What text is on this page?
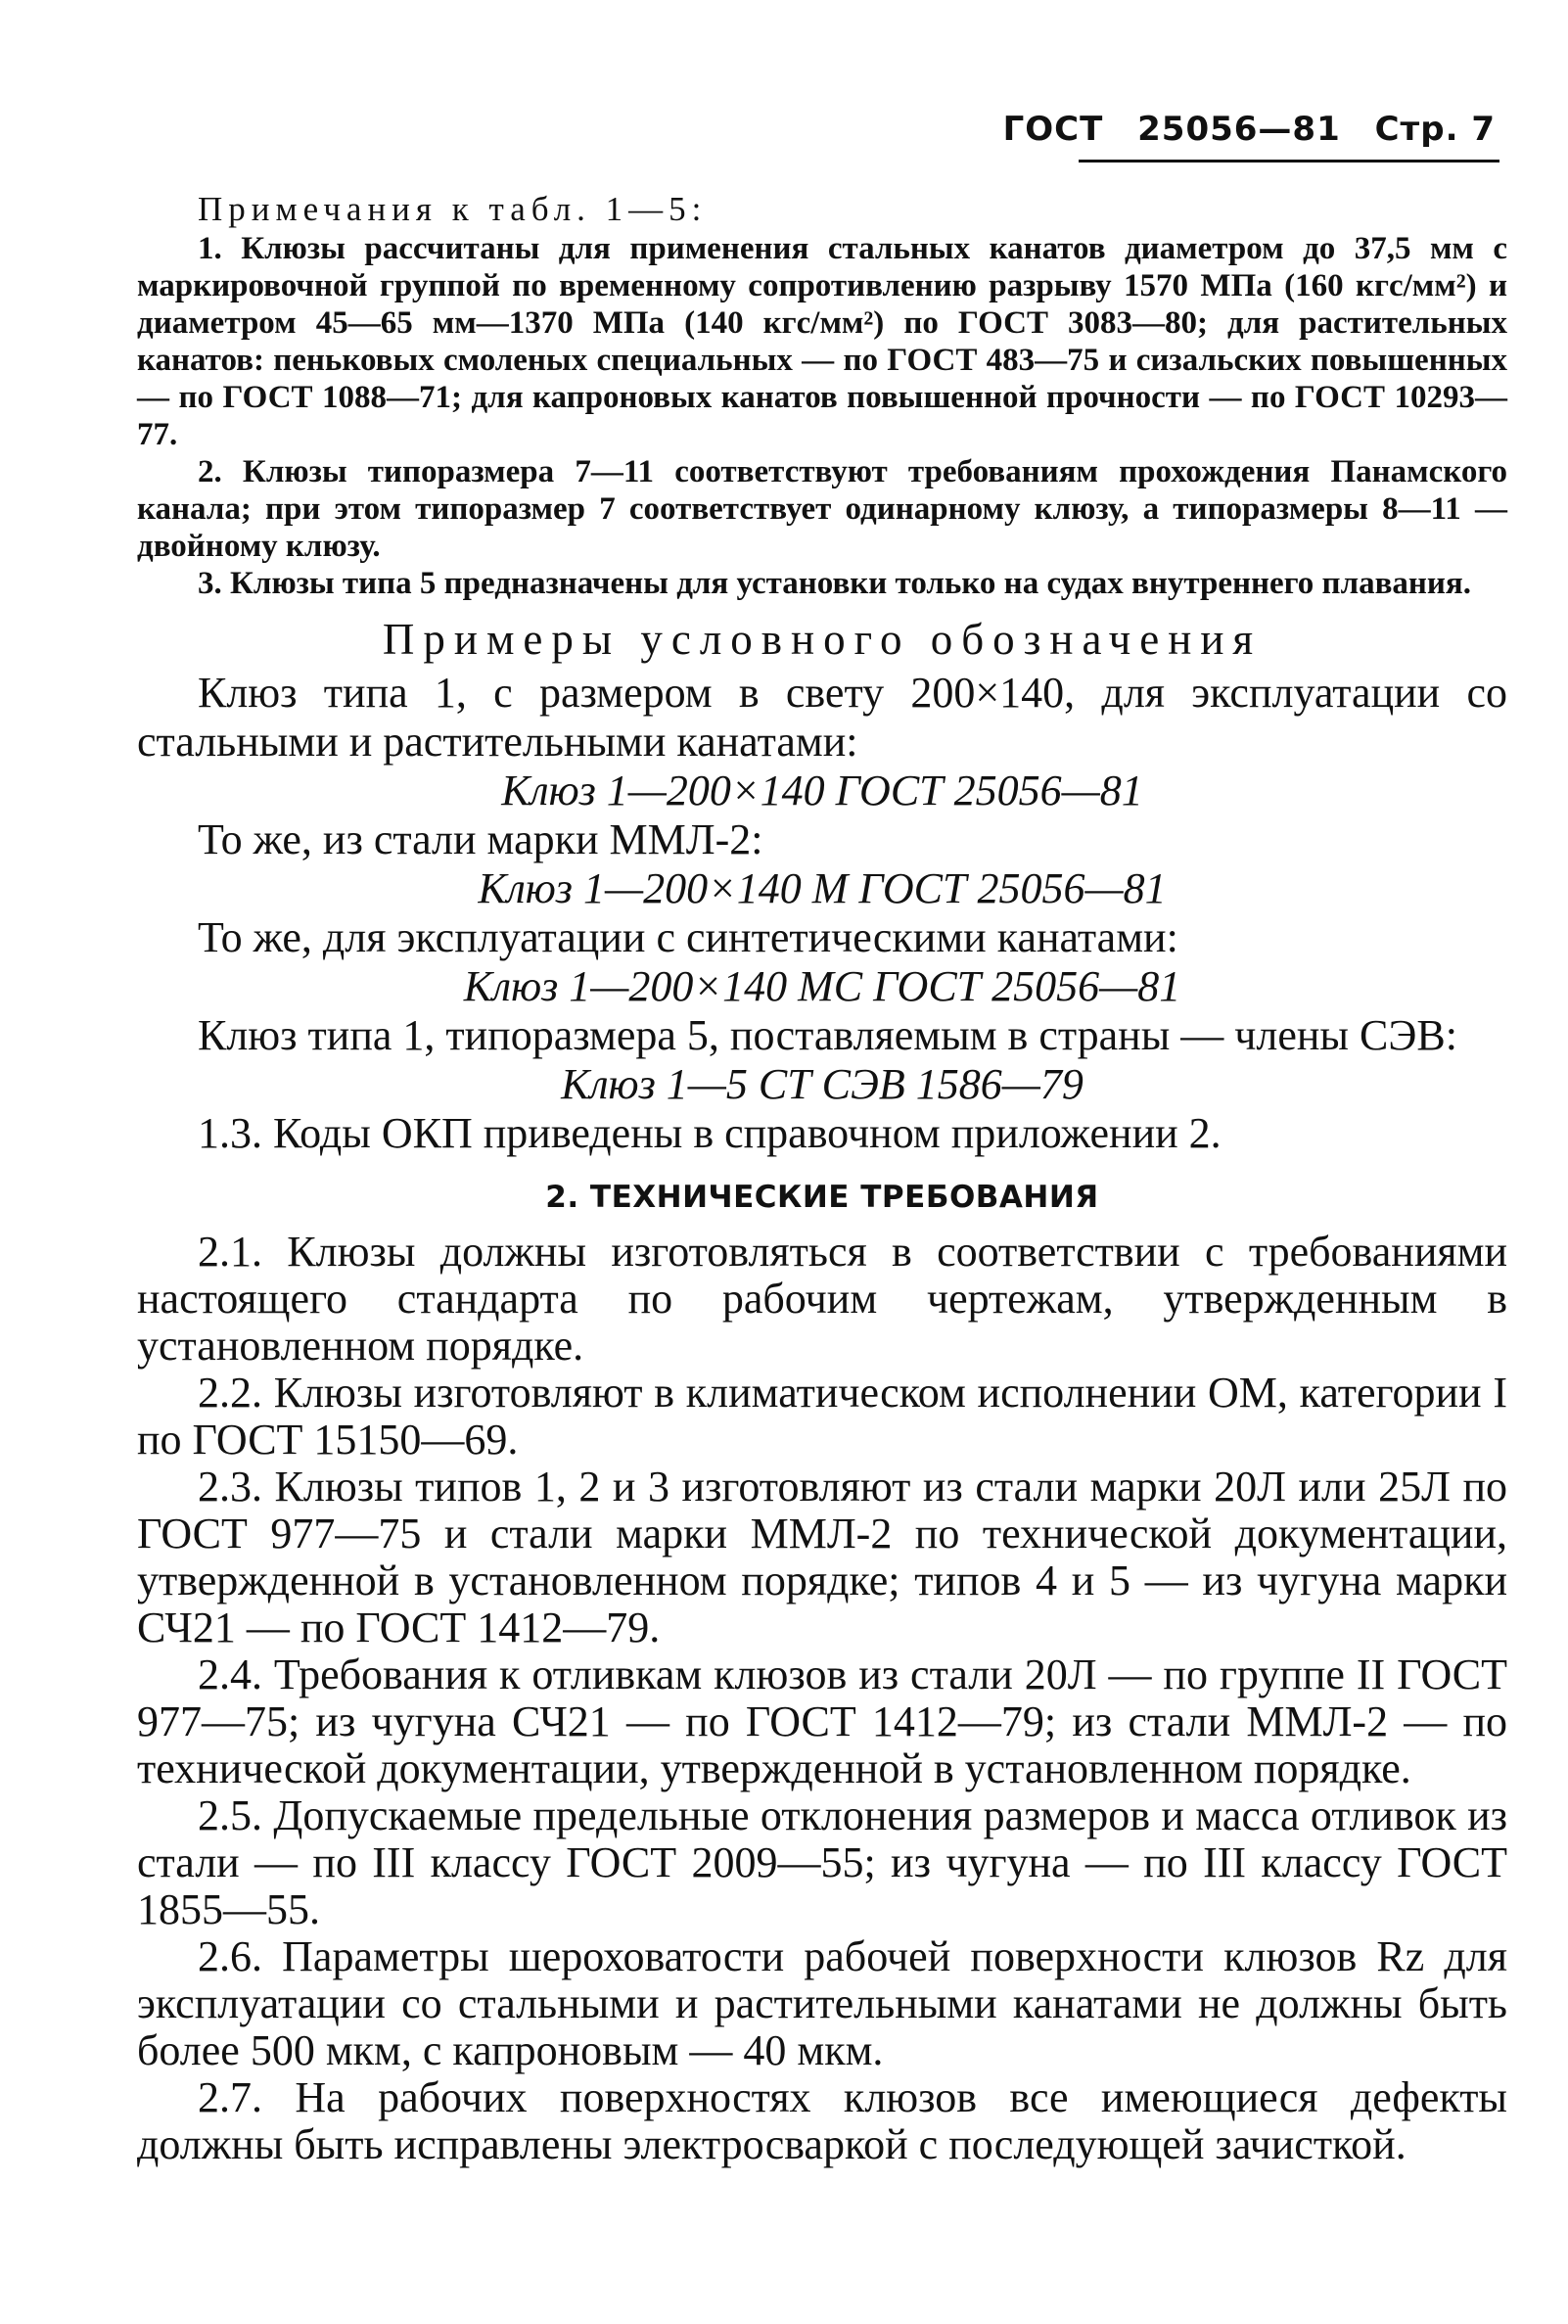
ГОСТ 25056—81 Стр. 7
Примечания к табл. 1—5:

1. Клюзы рассчитаны для применения стальных канатов диаметром до 37,5 мм с маркировочной группой по временному сопротивлению разрыву 1570 МПа (160 кгс/мм²) и диаметром 45—65 мм—1370 МПа (140 кгс/мм²) по ГОСТ 3083—80; для растительных канатов: пеньковых смоленых специальных — по ГОСТ 483—75 и сизальских повышенных — по ГОСТ 1088—71; для капроновых канатов повышенной прочности — по ГОСТ 10293—77.

2. Клюзы типоразмера 7—11 соответствуют требованиям прохождения Панамского канала; при этом типоразмер 7 соответствует одинарному клюзу, а типоразмеры 8—11 — двойному клюзу.

3. Клюзы типа 5 предназначены для установки только на судах внутреннего плавания.

Примеры условного обозначения

Клюз типа 1, с размером в свету 200×140, для эксплуатации со стальными и растительными канатами:

Клюз 1—200×140 ГОСТ 25056—81

То же, из стали марки ММЛ-2:

Клюз 1—200×140 М ГОСТ 25056—81

То же, для эксплуатации с синтетическими канатами:

Клюз 1—200×140 МС ГОСТ 25056—81

Клюз типа 1, типоразмера 5, поставляемым в страны — члены СЭВ:

Клюз 1—5 СТ СЭВ 1586—79

1.3. Коды ОКП приведены в справочном приложении 2.

2. ТЕХНИЧЕСКИЕ ТРЕБОВАНИЯ

2.1. Клюзы должны изготовляться в соответствии с требованиями настоящего стандарта по рабочим чертежам, утвержденным в установленном порядке.

2.2. Клюзы изготовляют в климатическом исполнении ОМ, категории I по ГОСТ 15150—69.

2.3. Клюзы типов 1, 2 и 3 изготовляют из стали марки 20Л или 25Л по ГОСТ 977—75 и стали марки ММЛ-2 по технической документации, утвержденной в установленном порядке; типов 4 и 5 — из чугуна марки СЧ21 — по ГОСТ 1412—79.

2.4. Требования к отливкам клюзов из стали 20Л — по группе II ГОСТ 977—75; из чугуна СЧ21 — по ГОСТ 1412—79; из стали ММЛ-2 — по технической документации, утвержденной в установленном порядке.

2.5. Допускаемые предельные отклонения размеров и масса отливок из стали — по III классу ГОСТ 2009—55; из чугуна — по III классу ГОСТ 1855—55.

2.6. Параметры шероховатости рабочей поверхности клюзов Rz для эксплуатации со стальными и растительными канатами не должны быть более 500 мкм, с капроновым — 40 мкм.

2.7. На рабочих поверхностях клюзов все имеющиеся дефекты должны быть исправлены электросваркой с последующей зачисткой.
